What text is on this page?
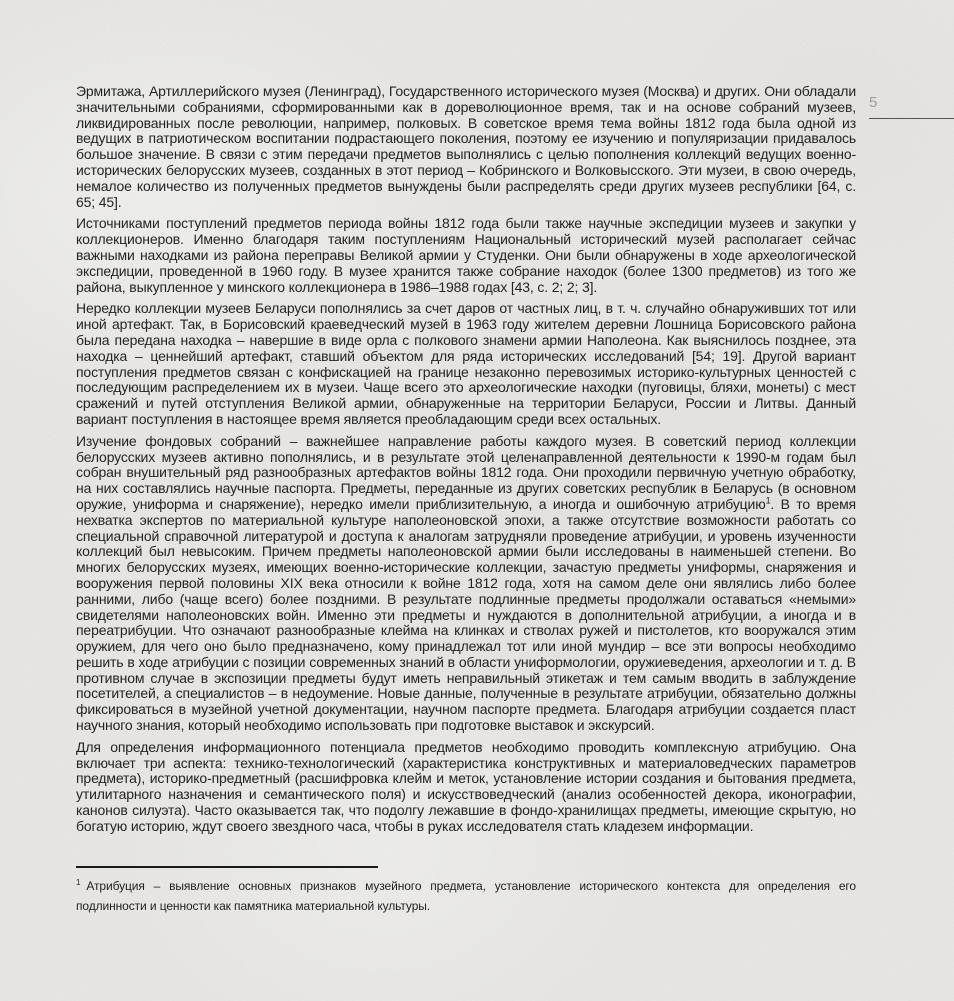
5

Эрмитажа, Артиллерийского музея (Ленинград), Государственного исторического музея (Москва) и других. Они обладали значительными собраниями, сформированными как в дореволюционное время, так и на основе собраний музеев, ликвидированных после революции, например, полковых. В советское время тема войны 1812 года была одной из ведущих в патриотическом воспитании подрастающего поколения, поэтому ее изучению и популяризации придавалось большое значение. В связи с этим передачи предметов выполнялись с целью пополнения коллекций ведущих военно-исторических белорусских музеев, созданных в этот период – Кобринского и Волковысского. Эти музеи, в свою очередь, немалое количество из полученных предметов вынуждены были распределять среди других музеев республики [64, с. 65; 45].

Источниками поступлений предметов периода войны 1812 года были также научные экспедиции музеев и закупки у коллекционеров. Именно благодаря таким поступлениям Национальный исторический музей располагает сейчас важными находками из района переправы Великой армии у Студенки. Они были обнаружены в ходе археологической экспедиции, проведенной в 1960 году. В музее хранится также собрание находок (более 1300 предметов) из того же района, выкупленное у минского коллекционера в 1986–1988 годах [43, с. 2; 2; 3].

Нередко коллекции музеев Беларуси пополнялись за счет даров от частных лиц, в т. ч. случайно обнаруживших тот или иной артефакт. Так, в Борисовский краеведческий музей в 1963 году жителем деревни Лошница Борисовского района была передана находка – навершие в виде орла с полкового знамени армии Наполеона. Как выяснилось позднее, эта находка – ценнейший артефакт, ставший объектом для ряда исторических исследований [54; 19]. Другой вариант поступления предметов связан с конфискацией на границе незаконно перевозимых историко-культурных ценностей с последующим распределением их в музеи. Чаще всего это археологические находки (пуговицы, бляхи, монеты) с мест сражений и путей отступления Великой армии, обнаруженные на территории Беларуси, России и Литвы. Данный вариант поступления в настоящее время является преобладающим среди всех остальных.

Изучение фондовых собраний – важнейшее направление работы каждого музея. В советский период коллекции белорусских музеев активно пополнялись, и в результате этой целенаправленной деятельности к 1990-м годам был собран внушительный ряд разнообразных артефактов войны 1812 года. Они проходили первичную учетную обработку, на них составлялись научные паспорта. Предметы, переданные из других советских республик в Беларусь (в основном оружие, униформа и снаряжение), нередко имели приблизительную, а иногда и ошибочную атрибуцию$^1$. В то время нехватка экспертов по материальной культуре наполеоновской эпохи, а также отсутствие возможности работать со специальной справочной литературой и доступа к аналогам затрудняли проведение атрибуции, и уровень изученности коллекций был невысоким. Причем предметы наполеоновской армии были исследованы в наименьшей степени. Во многих белорусских музеях, имеющих военно-исторические коллекции, зачастую предметы униформы, снаряжения и вооружения первой половины XIX века относили к войне 1812 года, хотя на самом деле они являлись либо более ранними, либо (чаще всего) более поздними. В результате подлинные предметы продолжали оставаться «немыми» свидетелями наполеоновских войн. Именно эти предметы и нуждаются в дополнительной атрибуции, а иногда и в переатрибуции. Что означают разнообразные клейма на клинках и стволах ружей и пистолетов, кто вооружался этим оружием, для чего оно было предназначено, кому принадлежал тот или иной мундир – все эти вопросы необходимо решить в ходе атрибуции с позиции современных знаний в области униформологии, оружиеведения, археологии и т. д. В противном случае в экспозиции предметы будут иметь неправильный этикетаж и тем самым вводить в заблуждение посетителей, а специалистов – в недоумение. Новые данные, полученные в результате атрибуции, обязательно должны фиксироваться в музейной учетной документации, научном паспорте предмета. Благодаря атрибуции создается пласт научного знания, который необходимо использовать при подготовке выставок и экскурсий.

Для определения информационного потенциала предметов необходимо проводить комплексную атрибуцию. Она включает три аспекта: технико-технологический (характеристика конструктивных и материаловедческих параметров предмета), историко-предметный (расшифровка клейм и меток, установление истории создания и бытования предмета, утилитарного назначения и семантического поля) и искусствоведческий (анализ особенностей декора, иконографии, канонов силуэта). Часто оказывается так, что подолгу лежавшие в фондо-хранилищах предметы, имеющие скрытую, но богатую историю, ждут своего звездного часа, чтобы в руках исследователя стать кладезем информации.

$^1$ Атрибуция – выявление основных признаков музейного предмета, установление исторического контекста для определения его подлинности и ценности как памятника материальной культуры.
